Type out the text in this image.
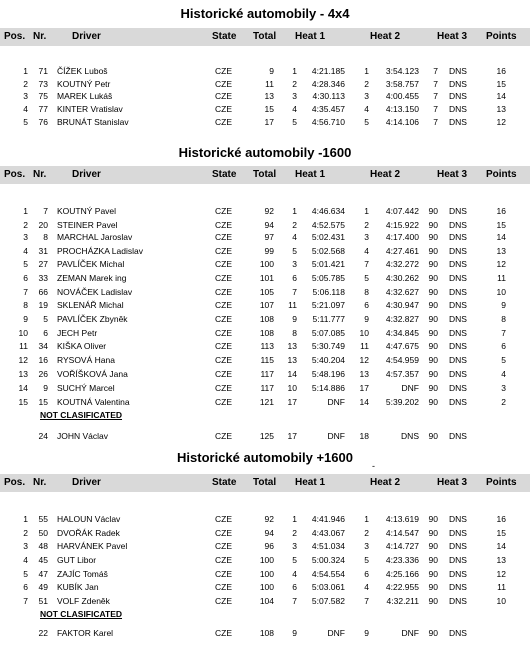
Historické automobily - 4x4
Pos. Nr.	Driver	State	Total	Heat 1	Heat 2	Heat 3	Points
1	71 ČÍŽEK Luboš	CZE	9	1	4:21.185	1	3:54.123	7 DNS	16
2	73 KOUTNÝ Petr	CZE	11	2	4:28.346	2	3:58.757	7 DNS	15
3	75 MAREK Lukáš	CZE	13	3	4:30.113	3	4:00.455	7 DNS	14
4	77 KINTER Vratislav	CZE	15	4	4:35.457	4	4:13.150	7 DNS	13
5	76 BRUNÁT Stanislav	CZE	17	5	4:56.710	5	4:14.106	7 DNS	12
Historické automobily -1600
Pos. Nr.	Driver	State	Total	Heat 1	Heat 2	Heat 3	Points
1	7 KOUTNÝ Pavel	CZE	92	1	4:46.634	1	4:07.442	90 DNS	16
2	20 STEINER Pavel	CZE	94	2	4:52.575	2	4:15.922	90 DNS	15
3	8 MARCHAL Jaroslav	CZE	97	4	5:02.431	3	4:17.400	90 DNS	14
4	31 PROCHÁZKA Ladislav	CZE	99	5	5:02.568	4	4:27.461	90 DNS	13
5	27 PAVLÍČEK Michal	CZE	100	3	5:01.421	7	4:32.272	90 DNS	12
6	33 ZEMAN Marek ing	CZE	101	6	5:05.785	5	4:30.262	90 DNS	11
7	66 NOVÁČEK Ladislav	CZE	105	7	5:06.118	8	4:32.627	90 DNS	10
8	19 SKLENÁŘ Michal	CZE	107	11	5:21.097	6	4:30.947	90 DNS	9
9	5 PAVLÍČEK Zbyněk	CZE	108	9	5:11.777	9	4:32.827	90 DNS	8
10	6 JECH Petr	CZE	108	8	5:07.085	10	4:34.845	90 DNS	7
11	34 KIŠKA Oliver	CZE	113	13	5:30.749	11	4:47.675	90 DNS	6
12	16 RYSOVÁ Hana	CZE	115	13	5:40.204	12	4:54.959	90 DNS	5
13	26 VOŘÍŠKOVÁ Jana	CZE	117	14	5:48.196	13	4:57.357	90 DNS	4
14	9 SUCHÝ Marcel	CZE	117	10	5:14.886	17	DNF	90 DNS	3
15	15 KOUTNÁ Valentina	CZE	121	17	DNF	14	5:39.202	90 DNS	2
NOT CLASIFICATED
24 JOHN Václav	CZE	125	17	DNF	18	DNS	90 DNS
Historické automobily +1600
Pos. Nr.	Driver	State	Total	Heat 1	Heat 2	Heat 3	Points
1	55 HALOUN Václav	CZE	92	1	4:41.946	1	4:13.619	90 DNS	16
2	50 DVOŘÁK Radek	CZE	94	2	4:43.067	2	4:14.547	90 DNS	15
3	48 HARVÁNEK Pavel	CZE	96	3	4:51.034	3	4:14.727	90 DNS	14
4	45 GUT Libor	CZE	100	5	5:00.324	5	4:23.336	90 DNS	13
5	47 ZAJÍC Tomáš	CZE	100	4	4:54.554	6	4:25.166	90 DNS	12
6	49 KUBÍK Jan	CZE	100	6	5:03.061	4	4:22.955	90 DNS	11
7	51 VOLF Zdeněk	CZE	104	7	5:07.582	7	4:32.211	90 DNS	10
NOT CLASIFICATED
22 FAKTOR Karel	CZE	108	9	DNF	9	DNF	90 DNS
-
